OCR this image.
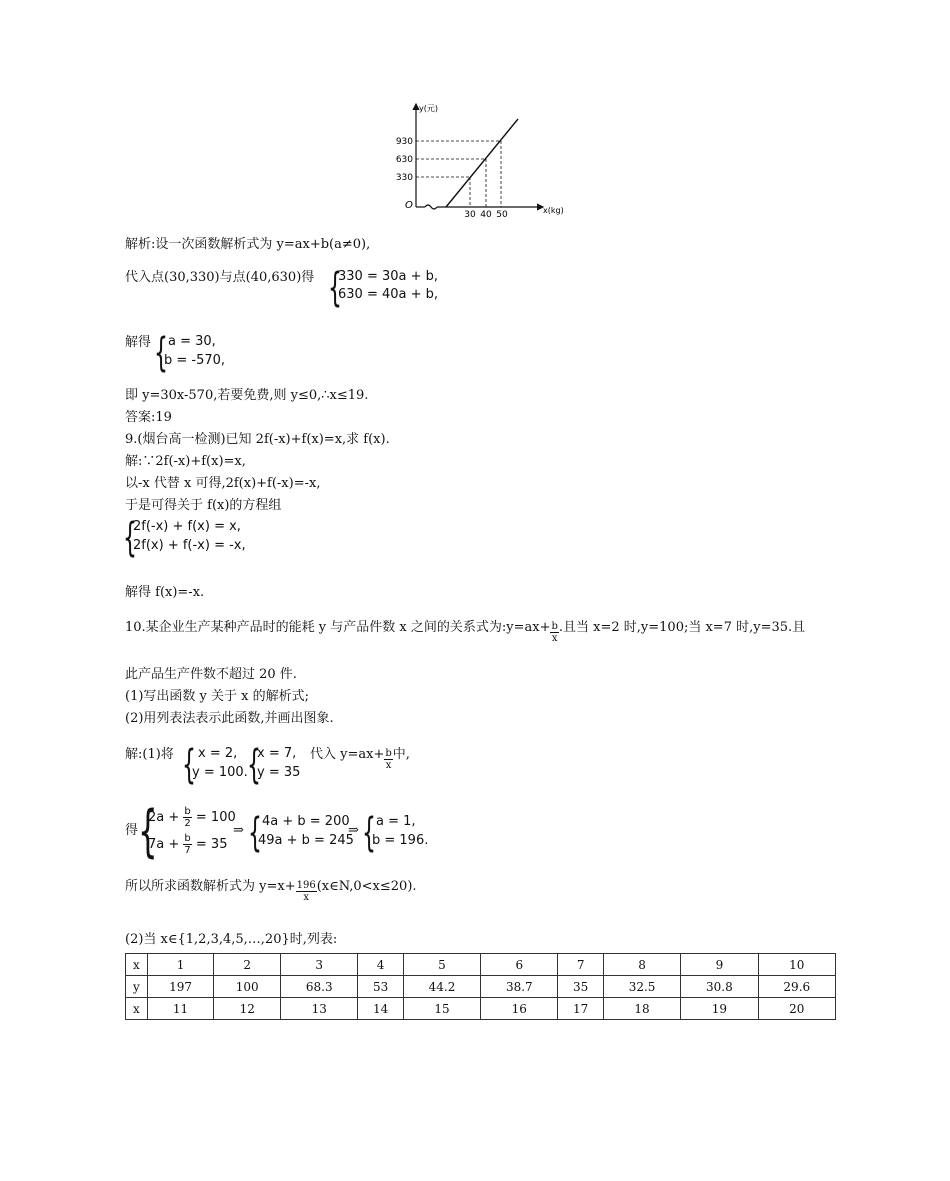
y(元)
930
630
330
O
30 40 50	x(kg)
解析:设一次函数解析式为 y=ax+b(a≠0),
代入点(30,330)与点(40,630)得 {
330 = 30a + b,
630 = 40a + b,
解得 { a = 30,
b = -570,
即 y=30x-570,若要免费,则 y≤0,∴x≤19.
答案:19
9.(烟台高一检测)已知 2f(-x)+f(x)=x,求 f(x).
解:∵2f(-x)+f(x)=x,
以-x 代替 x 可得,2f(x)+f(-x)=-x,
于是可得关于 f(x)的方程组
{
2f(-x) + f(x) = x,
2f(x) + f(-x) = -x,
解得 f(x)=-x.
10.某企业生产某种产品时的能耗 y 与产品件数 x 之间的关系式为:y=ax+ $\frac{b}{x}$ .且当 x=2 时,y=100;当 x=7 时,y=35.且
此产品生产件数不超过 20 件.
(1)写出函数 y 关于 x 的解析式;
(2)用列表法表示此函数,并画出图象.
解:(1)将 { x = 2,
y = 100. {
x = 7,
y = 35
代入 $y=ax+ \frac{b}{x}$ 中,
得 {
$2a + \frac{b}{2} = 100$
$7a + \frac{b}{7} = 35$
⇒ { 4a + b = 200
49a + b = 245
⇒ { a = 1,
b = 196.
所以所求函数解析式为 $y=x+ \frac{196}{x}$ (x∈N,0<x≤20).
(2)当 x∈{1,2,3,4,5,…,20}时,列表:
x	1	2	3	4	5	6	7	8	9	10
y	197	100	68.3	53	44.2	38.7	35	32.5	30.8	29.6
x	11	12	13	14	15	16	17	18	19	20
